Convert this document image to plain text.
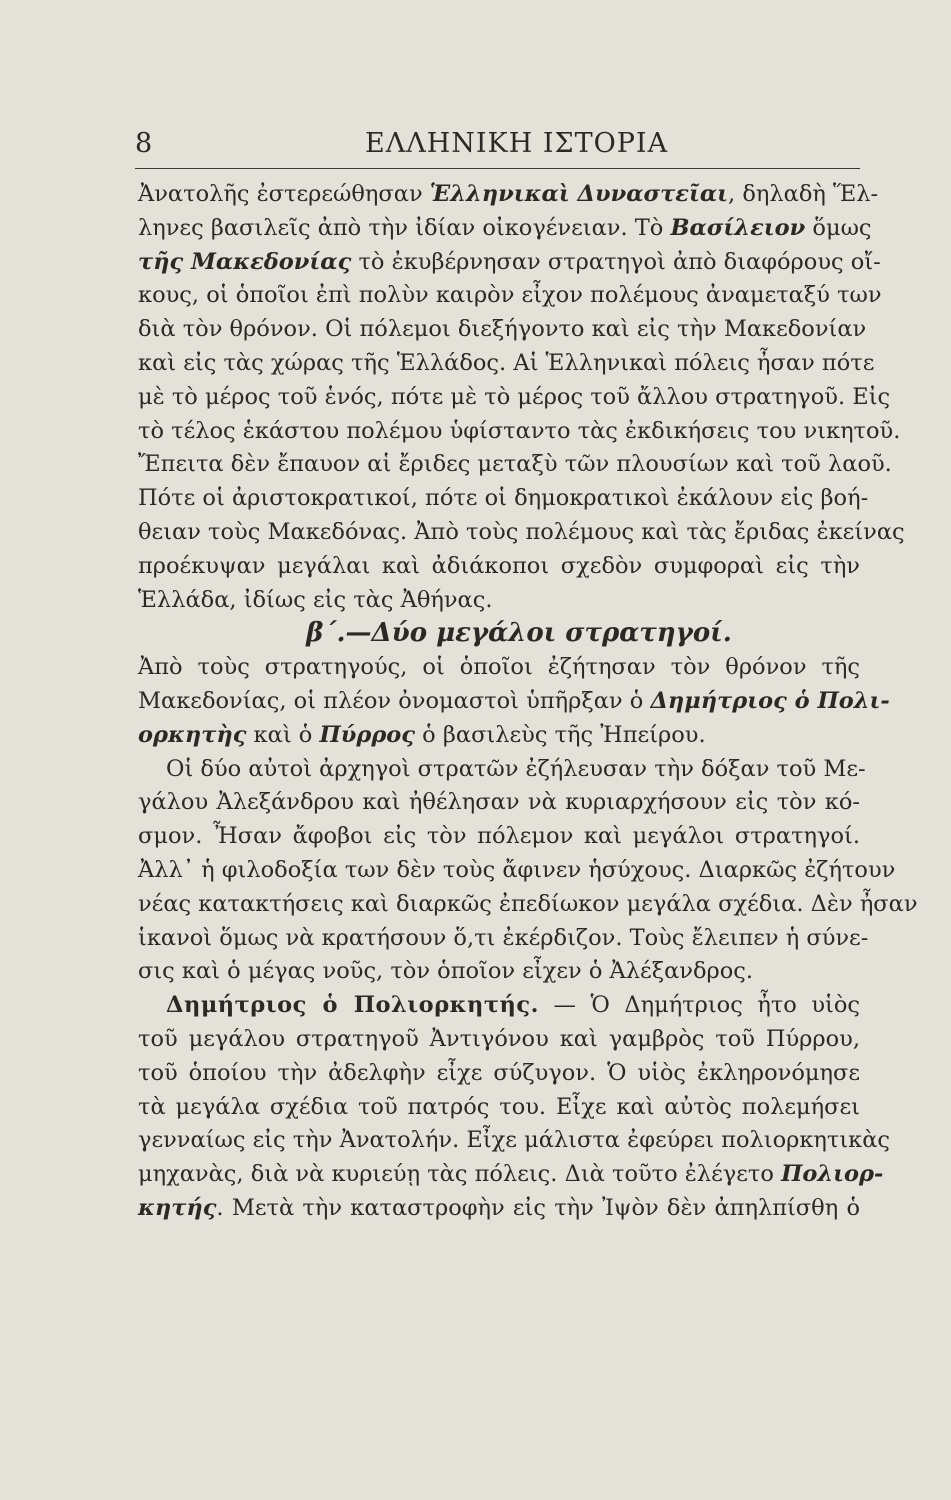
8	ΕΛΛΗΝΙΚΗ ΙΣΤΟΡΙΑ
Ἀνατολῆς ἐστερεώθησαν Ἑλληνικαὶ Δυναστεῖαι, δηλαδὴ Ἕλ-
ληνες βασιλεῖς ἀπὸ τὴν ἰδίαν οἰκογένειαν. Τὸ Βασίλειον ὅμως
τῆς Μακεδονίας τὸ ἐκυβέρνησαν στρατηγοὶ ἀπὸ διαφόρους οἴ-
κους, οἱ ὁποῖοι ἐπὶ πολὺν καιρὸν εἶχον πολέμους ἀναμεταξύ των
διὰ τὸν θρόνον. Οἱ πόλεμοι διεξήγοντο καὶ εἰς τὴν Μακεδονίαν
καὶ εἰς τὰς χώρας τῆς Ἑλλάδος. Αἱ Ἑλληνικαὶ πόλεις ἦσαν πότε
μὲ τὸ μέρος τοῦ ἑνός, πότε μὲ τὸ μέρος τοῦ ἄλλου στρατηγοῦ. Εἰς
τὸ τέλος ἑκάστου πολέμου ὑφίσταντο τὰς ἐκδικήσεις του νικητοῦ.
Ἔπειτα δὲν ἔπαυον αἱ ἔριδες μεταξὺ τῶν πλουσίων καὶ τοῦ λαοῦ.
Πότε οἱ ἀριστοκρατικοί, πότε οἱ δημοκρατικοὶ ἐκάλουν εἰς βοή-
θειαν τοὺς Μακεδόνας. Ἀπὸ τοὺς πολέμους καὶ τὰς ἔριδας ἐκείνας
προέκυψαν μεγάλαι καὶ ἀδιάκοποι σχεδὸν συμφοραὶ εἰς τὴν
Ἑλλάδα, ἰδίως εἰς τὰς Ἀθήνας.
β΄.—Δύο μεγάλοι στρατηγοί.
Ἀπὸ τοὺς στρατηγούς, οἱ ὁποῖοι ἐζήτησαν τὸν θρόνον τῆς
Μακεδονίας, οἱ πλέον ὀνομαστοὶ ὑπῆρξαν ὁ Δημήτριος ὁ Πολι-
ορκητὴς καὶ ὁ Πύρρος ὁ βασιλεὺς τῆς Ἠπείρου.
Οἱ δύο αὐτοὶ ἀρχηγοὶ στρατῶν ἐζήλευσαν τὴν δόξαν τοῦ Με-
γάλου Ἀλεξάνδρου καὶ ἠθέλησαν νὰ κυριαρχήσουν εἰς τὸν κό-
σμον. Ἦσαν ἄφοβοι εἰς τὸν πόλεμον καὶ μεγάλοι στρατηγοί.
Ἀλλ᾽ ἡ φιλοδοξία των δὲν τοὺς ἄφινεν ἡσύχους. Διαρκῶς ἐζήτουν
νέας κατακτήσεις καὶ διαρκῶς ἐπεδίωκον μεγάλα σχέδια. Δὲν ἦσαν
ἱκανοὶ ὅμως νὰ κρατήσουν ὅ,τι ἐκέρδιζον. Τοὺς ἔλειπεν ἡ σύνε-
σις καὶ ὁ μέγας νοῦς, τὸν ὁποῖον εἶχεν ὁ Ἀλέξανδρος.
Δημήτριος ὁ Πολιορκητής. — Ὁ Δημήτριος ἦτο υἱὸς
τοῦ μεγάλου στρατηγοῦ Ἀντιγόνου καὶ γαμβρὸς τοῦ Πύρρου,
τοῦ ὁποίου τὴν ἀδελφὴν εἶχε σύζυγον. Ὁ υἱὸς ἐκληρονόμησε
τὰ μεγάλα σχέδια τοῦ πατρός του. Εἶχε καὶ αὐτὸς πολεμήσει
γενναίως εἰς τὴν Ἀνατολήν. Εἶχε μάλιστα ἐφεύρει πολιορκητικὰς
μηχανὰς, διὰ νὰ κυριεύῃ τὰς πόλεις. Διὰ τοῦτο ἐλέγετο Πολιορ-
κητής. Μετὰ τὴν καταστροφὴν εἰς τὴν Ἰψὸν δὲν ἀπηλπίσθη ὁ
